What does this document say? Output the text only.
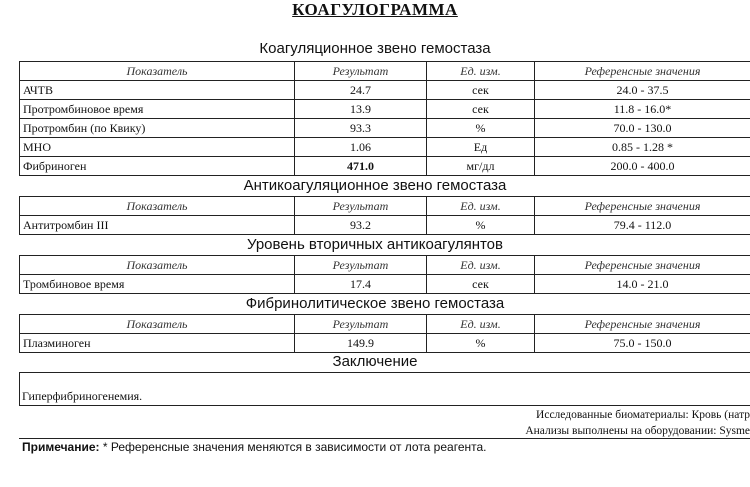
КОАГУЛОГРАММА
Коагуляционное звено гемостаза
Показатель	Результат	Ед. изм.	Референсные значения
АЧТВ	24.7	сек	24.0 - 37.5
Протромбиновое время	13.9	сек	11.8 - 16.0*
Протромбин (по Квику)	93.3	%	70.0 - 130.0
МНО	1.06	Ед	0.85 - 1.28 *
Фибриноген	471.0	мг/дл	200.0 - 400.0
Антикоагуляционное звено гемостаза
Показатель	Результат	Ед. изм.	Референсные значения
Антитромбин III	93.2	%	79.4 - 112.0
Уровень вторичных антикоагулянтов
Показатель	Результат	Ед. изм.	Референсные значения
Тромбиновое время	17.4	сек	14.0 - 21.0
Фибринолитическое звено гемостаза
Показатель	Результат	Ед. изм.	Референсные значения
Плазминоген	149.9	%	75.0 - 150.0
Заключение
Гиперфибриногенемия.
Исследованные биоматериалы: Кровь (натр
Анализы выполнены на оборудовании: Sysme
Примечание: * Референсные значения меняются в зависимости от лота реагента.
